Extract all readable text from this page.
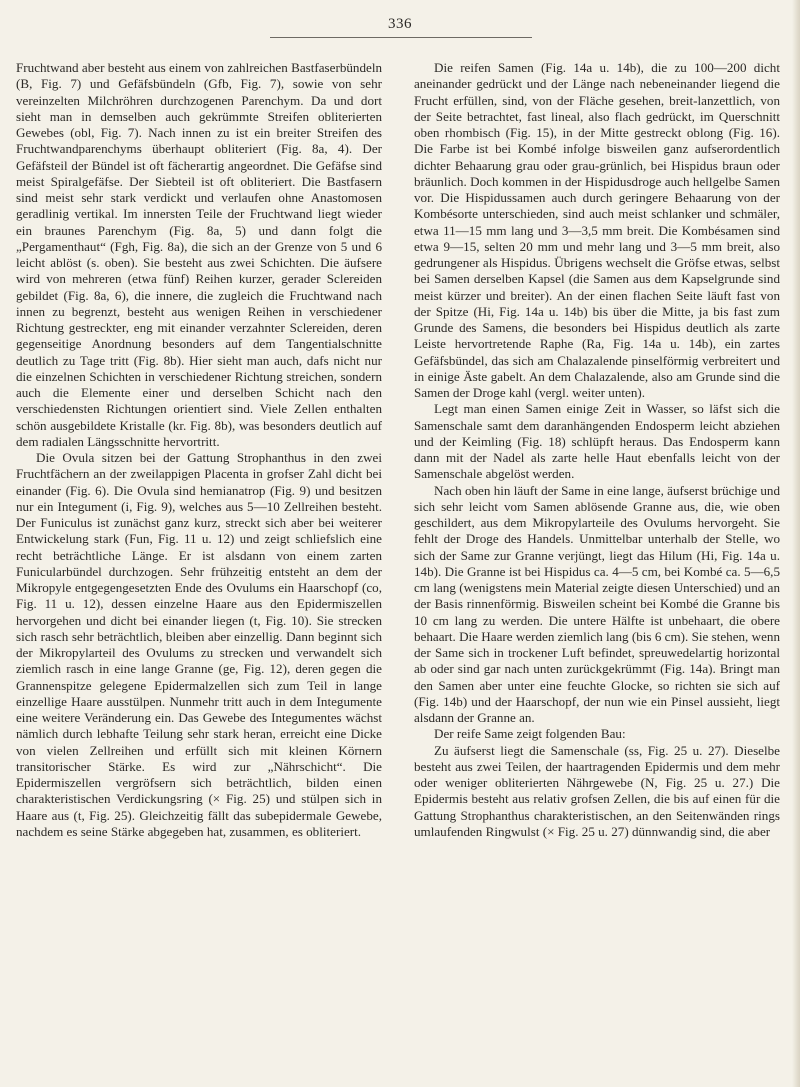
336

Fruchtwand aber besteht aus einem von zahlreichen Bastfaserbündeln (B, Fig. 7) und Gefäfsbündeln (Gfb, Fig. 7), sowie von sehr vereinzelten Milchröhren durchzogenen Parenchym. Da und dort sieht man in demselben auch gekrümmte Streifen obliterierten Gewebes (obl, Fig. 7). Nach innen zu ist ein breiter Streifen des Fruchtwandparenchyms überhaupt obliteriert (Fig. 8a, 4). Der Gefäfsteil der Bündel ist oft fächerartig angeordnet. Die Gefäfse sind meist Spiralgefäfse. Der Siebteil ist oft obliteriert. Die Bastfasern sind meist sehr stark verdickt und verlaufen ohne Anastomosen geradlinig vertikal. Im innersten Teile der Fruchtwand liegt wieder ein braunes Parenchym (Fig. 8a, 5) und dann folgt die „Pergamenthaut“ (Fgh, Fig. 8a), die sich an der Grenze von 5 und 6 leicht ablöst (s. oben). Sie besteht aus zwei Schichten. Die äufsere wird von mehreren (etwa fünf) Reihen kurzer, gerader Sclereiden gebildet (Fig. 8a, 6), die innere, die zugleich die Fruchtwand nach innen zu begrenzt, besteht aus wenigen Reihen in verschiedener Richtung gestreckter, eng mit einander verzahnter Sclereiden, deren gegenseitige Anordnung besonders auf dem Tangentialschnitte deutlich zu Tage tritt (Fig. 8b). Hier sieht man auch, dafs nicht nur die einzelnen Schichten in verschiedener Richtung streichen, sondern auch die Elemente einer und derselben Schicht nach den verschiedensten Richtungen orientiert sind. Viele Zellen enthalten schön ausgebildete Kristalle (kr. Fig. 8b), was besonders deutlich auf dem radialen Längsschnitte hervortritt.

Die Ovula sitzen bei der Gattung Strophanthus in den zwei Fruchtfächern an der zweilappigen Placenta in grofser Zahl dicht bei einander (Fig. 6). Die Ovula sind hemianatrop (Fig. 9) und besitzen nur ein Integument (i, Fig. 9), welches aus 5—10 Zellreihen besteht. Der Funiculus ist zunächst ganz kurz, streckt sich aber bei weiterer Entwickelung stark (Fun, Fig. 11 u. 12) und zeigt schliefslich eine recht beträchtliche Länge. Er ist alsdann von einem zarten Funicularbündel durchzogen. Sehr frühzeitig entsteht an dem der Mikropyle entgegengesetzten Ende des Ovulums ein Haarschopf (co, Fig. 11 u. 12), dessen einzelne Haare aus den Epidermiszellen hervorgehen und dicht bei einander liegen (t, Fig. 10). Sie strecken sich rasch sehr beträchtlich, bleiben aber einzellig. Dann beginnt sich der Mikropylarteil des Ovulums zu strecken und verwandelt sich ziemlich rasch in eine lange Granne (ge, Fig. 12), deren gegen die Grannenspitze gelegene Epidermalzellen sich zum Teil in lange einzellige Haare ausstülpen. Nunmehr tritt auch in dem Integumente eine weitere Veränderung ein. Das Gewebe des Integumentes wächst nämlich durch lebhafte Teilung sehr stark heran, erreicht eine Dicke von vielen Zellreihen und erfüllt sich mit kleinen Körnern transitorischer Stärke. Es wird zur „Nährschicht“. Die Epidermiszellen vergröfsern sich beträchtlich, bilden einen charakteristischen Verdickungsring (× Fig. 25) und stülpen sich in Haare aus (t, Fig. 25). Gleichzeitig fällt das subepidermale Gewebe, nachdem es seine Stärke abgegeben hat, zusammen, es obliteriert.

Die reifen Samen (Fig. 14a u. 14b), die zu 100—200 dicht aneinander gedrückt und der Länge nach nebeneinander liegend die Frucht erfüllen, sind, von der Fläche gesehen, breit-lanzettlich, von der Seite betrachtet, fast lineal, also flach gedrückt, im Querschnitt oben rhombisch (Fig. 15), in der Mitte gestreckt oblong (Fig. 16). Die Farbe ist bei Kombé infolge bisweilen ganz aufserordentlich dichter Behaarung grau oder grau-grünlich, bei Hispidus braun oder bräunlich. Doch kommen in der Hispidusdroge auch hellgelbe Samen vor. Die Hispidussamen auch durch geringere Behaarung von der Kombésorte unterschieden, sind auch meist schlanker und schmäler, etwa 11—15 mm lang und 3—3,5 mm breit. Die Kombésamen sind etwa 9—15, selten 20 mm und mehr lang und 3—5 mm breit, also gedrungener als Hispidus. Übrigens wechselt die Gröfse etwas, selbst bei Samen derselben Kapsel (die Samen aus dem Kapselgrunde sind meist kürzer und breiter). An der einen flachen Seite läuft fast von der Spitze (Hi, Fig. 14a u. 14b) bis über die Mitte, ja bis fast zum Grunde des Samens, die besonders bei Hispidus deutlich als zarte Leiste hervortretende Raphe (Ra, Fig. 14a u. 14b), ein zartes Gefäfsbündel, das sich am Chalazalende pinselförmig verbreitert und in einige Äste gabelt. An dem Chalazalende, also am Grunde sind die Samen der Droge kahl (vergl. weiter unten).

Legt man einen Samen einige Zeit in Wasser, so läfst sich die Samenschale samt dem daranhängenden Endosperm leicht abziehen und der Keimling (Fig. 18) schlüpft heraus. Das Endosperm kann dann mit der Nadel als zarte helle Haut ebenfalls leicht von der Samenschale abgelöst werden.

Nach oben hin läuft der Same in eine lange, äufserst brüchige und sich sehr leicht vom Samen ablösende Granne aus, die, wie oben geschildert, aus dem Mikropylarteile des Ovulums hervorgeht. Sie fehlt der Droge des Handels. Unmittelbar unterhalb der Stelle, wo sich der Same zur Granne verjüngt, liegt das Hilum (Hi, Fig. 14a u. 14b). Die Granne ist bei Hispidus ca. 4—5 cm, bei Kombé ca. 5—6,5 cm lang (wenigstens mein Material zeigte diesen Unterschied) und an der Basis rinnenförmig. Bisweilen scheint bei Kombé die Granne bis 10 cm lang zu werden. Die untere Hälfte ist unbehaart, die obere behaart. Die Haare werden ziemlich lang (bis 6 cm). Sie stehen, wenn der Same sich in trockener Luft befindet, spreuwedelartig horizontal ab oder sind gar nach unten zurückgekrümmt (Fig. 14a). Bringt man den Samen aber unter eine feuchte Glocke, so richten sie sich auf (Fig. 14b) und der Haarschopf, der nun wie ein Pinsel aussieht, liegt alsdann der Granne an.

Der reife Same zeigt folgenden Bau:

Zu äufserst liegt die Samenschale (ss, Fig. 25 u. 27). Dieselbe besteht aus zwei Teilen, der haartragenden Epidermis und dem mehr oder weniger obliterierten Nährgewebe (N, Fig. 25 u. 27.) Die Epidermis besteht aus relativ grofsen Zellen, die bis auf einen für die Gattung Strophanthus charakteristischen, an den Seitenwänden rings umlaufenden Ringwulst (× Fig. 25 u. 27) dünnwandig sind, die aber
